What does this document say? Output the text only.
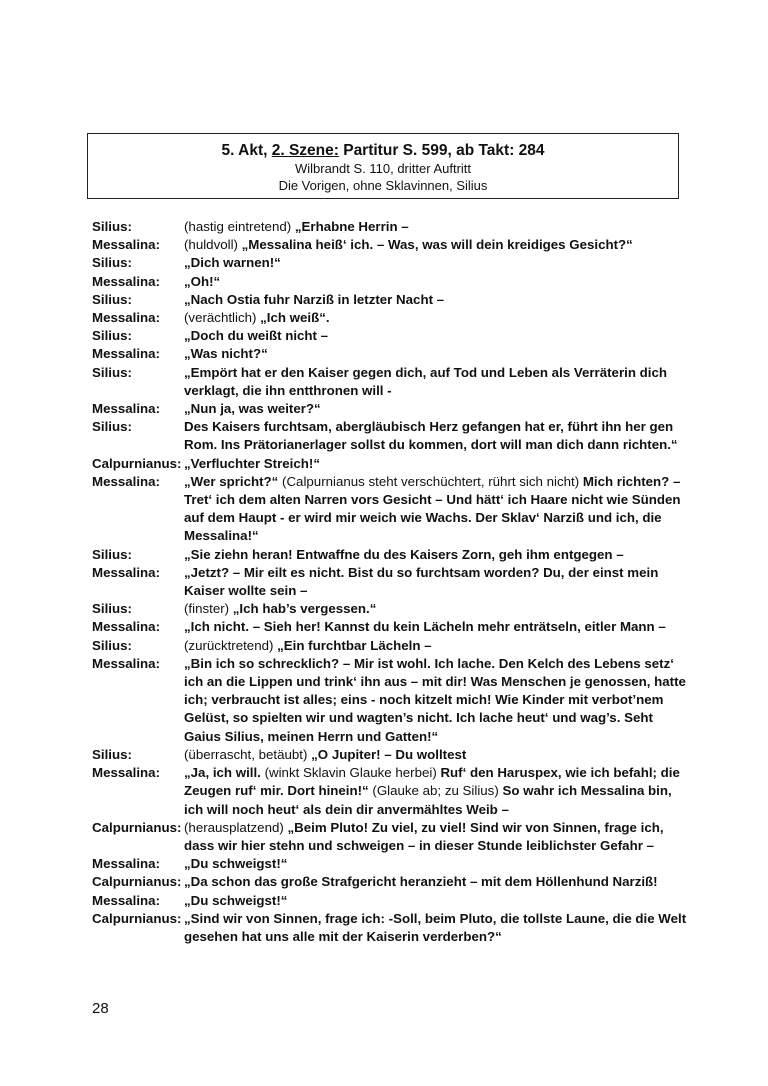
5. Akt, 2. Szene: Partitur S. 599, ab Takt: 284
Wilbrandt S. 110, dritter Auftritt
Die Vorigen, ohne Sklavinnen, Silius
Silius:	(hastig eintretend) „Erhabne Herrin –
Messalina:	(huldvoll) „Messalina heiß‘ ich. – Was, was will dein kreidiges Gesicht?“
Silius:	„Dich warnen!“
Messalina:	„Oh!“
Silius:	„Nach Ostia fuhr Narziß in letzter Nacht –
Messalina:	(verächtlich) „Ich weiß“.
Silius:	„Doch du weißt nicht –
Messalina:	„Was nicht?“
Silius:	„Empört hat er den Kaiser gegen dich, auf Tod und Leben als Verräterin dich verklagt, die ihn entthronen will -
Messalina:	„Nun ja, was weiter?“
Silius:	Des Kaisers furchtsam, abergläubisch Herz gefangen hat er, führt ihn her gen Rom. Ins Prätorianerlager sollst du kommen, dort will man dich dann richten.“
Calpurnianus: „Verfluchter Streich!“
Messalina:	„Wer spricht?“ (Calpurnianus steht verschüchtert, rührt sich nicht) Mich richten? – Tret‘ ich dem alten Narren vors Gesicht – Und hätt‘ ich Haare nicht wie Sünden auf dem Haupt - er wird mir weich wie Wachs. Der Sklav‘ Narziß und ich, die Messalina!“
Silius:	„Sie ziehn heran! Entwaffne du des Kaisers Zorn, geh ihm entgegen –
Messalina:	„Jetzt? – Mir eilt es nicht. Bist du so furchtsam worden? Du, der einst mein Kaiser wollte sein –
Silius:	(finster) „Ich hab’s vergessen.“
Messalina:	„Ich nicht. – Sieh her! Kannst du kein Lächeln mehr enträtseln, eitler Mann –
Silius:	(zurücktretend) „Ein furchtbar Lächeln –
Messalina:	„Bin ich so schrecklich? – Mir ist wohl. Ich lache. Den Kelch des Lebens setz‘ ich an die Lippen und trink‘ ihn aus – mit dir! Was Menschen je genossen, hatte ich; verbraucht ist alles; eins - noch kitzelt mich! Wie Kinder mit verbot’nem Gelüst, so spielten wir und wagten’s nicht. Ich lache heut‘ und wag’s. Seht Gaius Silius, meinen Herrn und Gatten!“
Silius:	(überrascht, betäubt) „O Jupiter! – Du wolltest
Messalina:	„Ja, ich will. (winkt Sklavin Glauke herbei) Ruf‘ den Haruspex, wie ich befahl; die Zeugen ruf‘ mir. Dort hinein!“ (Glauke ab; zu Silius) So wahr ich Messalina bin, ich will noch heut‘ als dein dir anvermähltes Weib –
Calpurnianus: (herausplatzend) „Beim Pluto! Zu viel, zu viel! Sind wir von Sinnen, frage ich, dass wir hier stehn und schweigen – in dieser Stunde leiblichster Gefahr –
Messalina:	„Du schweigst!“
Calpurnianus: „Da schon das große Strafgericht heranzieht – mit dem Höllenhund Narziß!
Messalina:	„Du schweigst!“
Calpurnianus: „Sind wir von Sinnen, frage ich: -Soll, beim Pluto, die tollste Laune, die die Welt gesehen hat uns alle mit der Kaiserin verderben?“
28
